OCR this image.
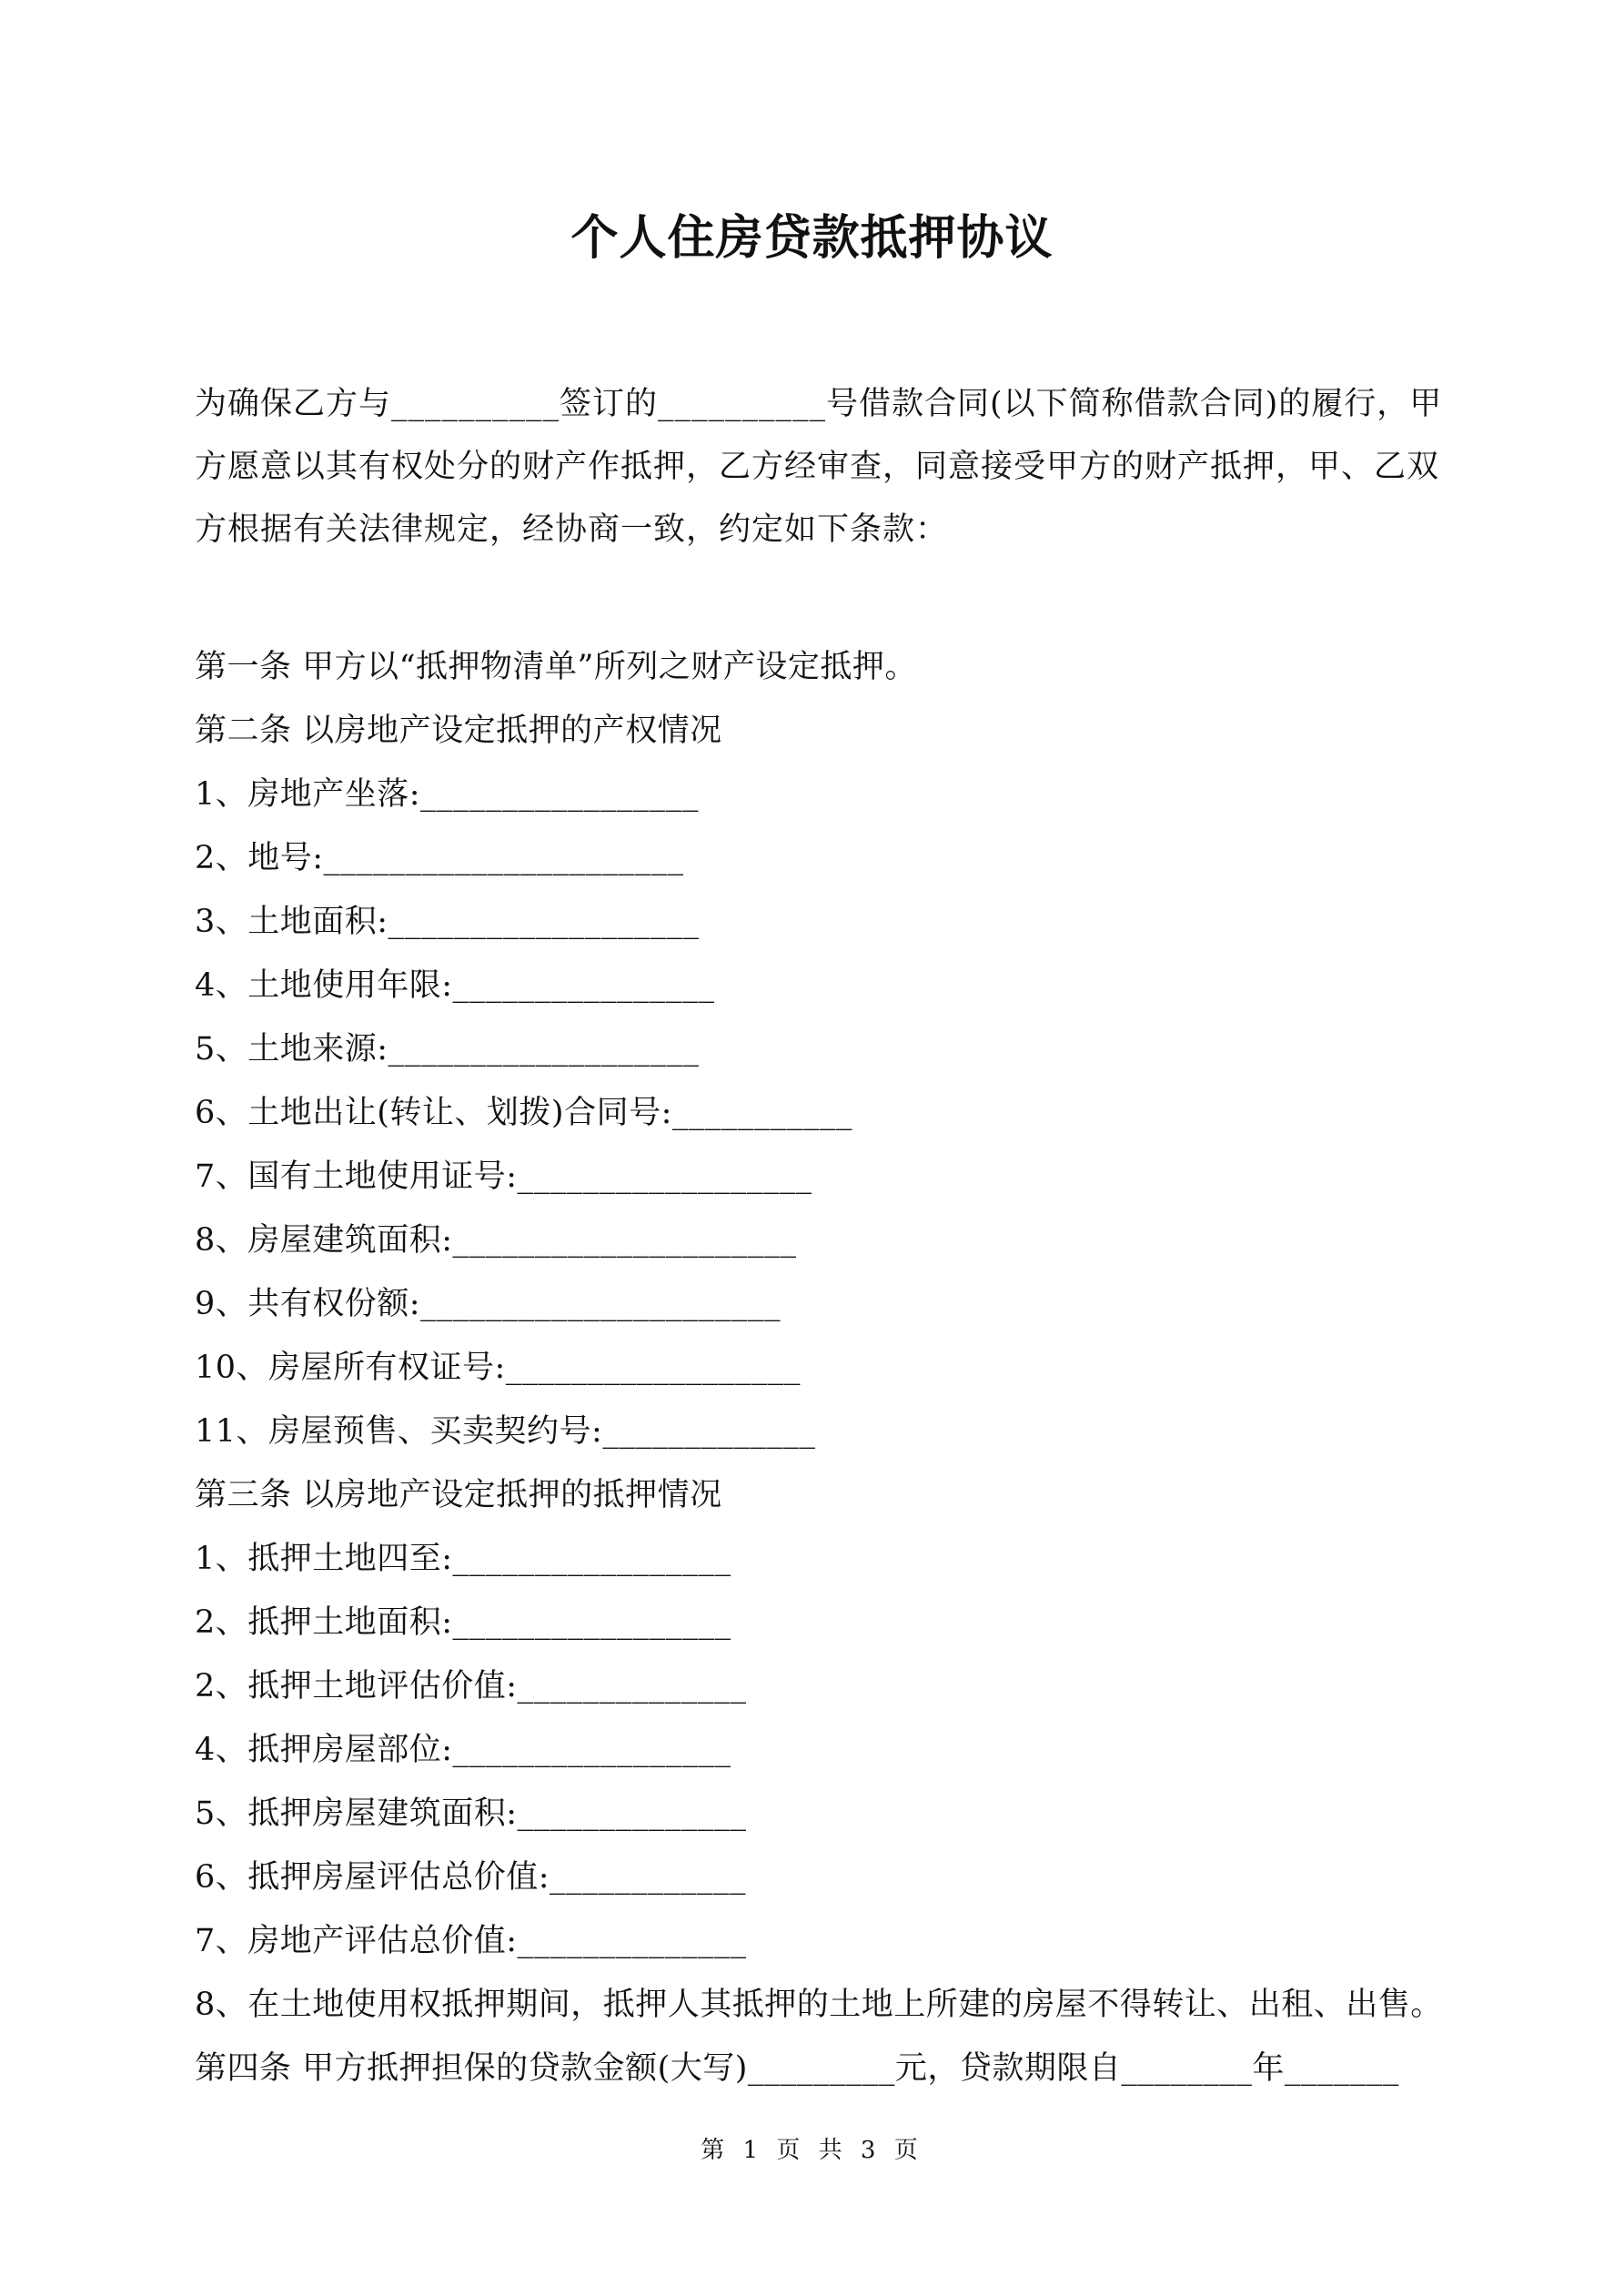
个人住房贷款抵押协议

为确保乙方与__________签订的__________号借款合同(以下简称借款合同)的履行，甲

方愿意以其有权处分的财产作抵押，乙方经审查，同意接受甲方的财产抵押，甲、乙双

方根据有关法律规定，经协商一致，约定如下条款：

第一条 甲方以“抵押物清单”所列之财产设定抵押。
第二条 以房地产设定抵押的产权情况
1、房地产坐落:_________________
2、地号:______________________
3、土地面积:___________________
4、土地使用年限:________________
5、土地来源:___________________
6、土地出让(转让、划拨)合同号:___________
7、国有土地使用证号:__________________
8、房屋建筑面积:_____________________
9、共有权份额:______________________
10、房屋所有权证号:__________________
11、房屋预售、买卖契约号:_____________
第三条 以房地产设定抵押的抵押情况
1、抵押土地四至:_________________
2、抵押土地面积:_________________
2、抵押土地评估价值:______________
4、抵押房屋部位:_________________
5、抵押房屋建筑面积:______________
6、抵押房屋评估总价值:____________
7、房地产评估总价值:______________
8、在土地使用权抵押期间，抵押人其抵押的土地上所建的房屋不得转让、出租、出售。
第四条 甲方抵押担保的贷款金额(大写)_________元，贷款期限自________年_______
第 1 页 共 3 页
